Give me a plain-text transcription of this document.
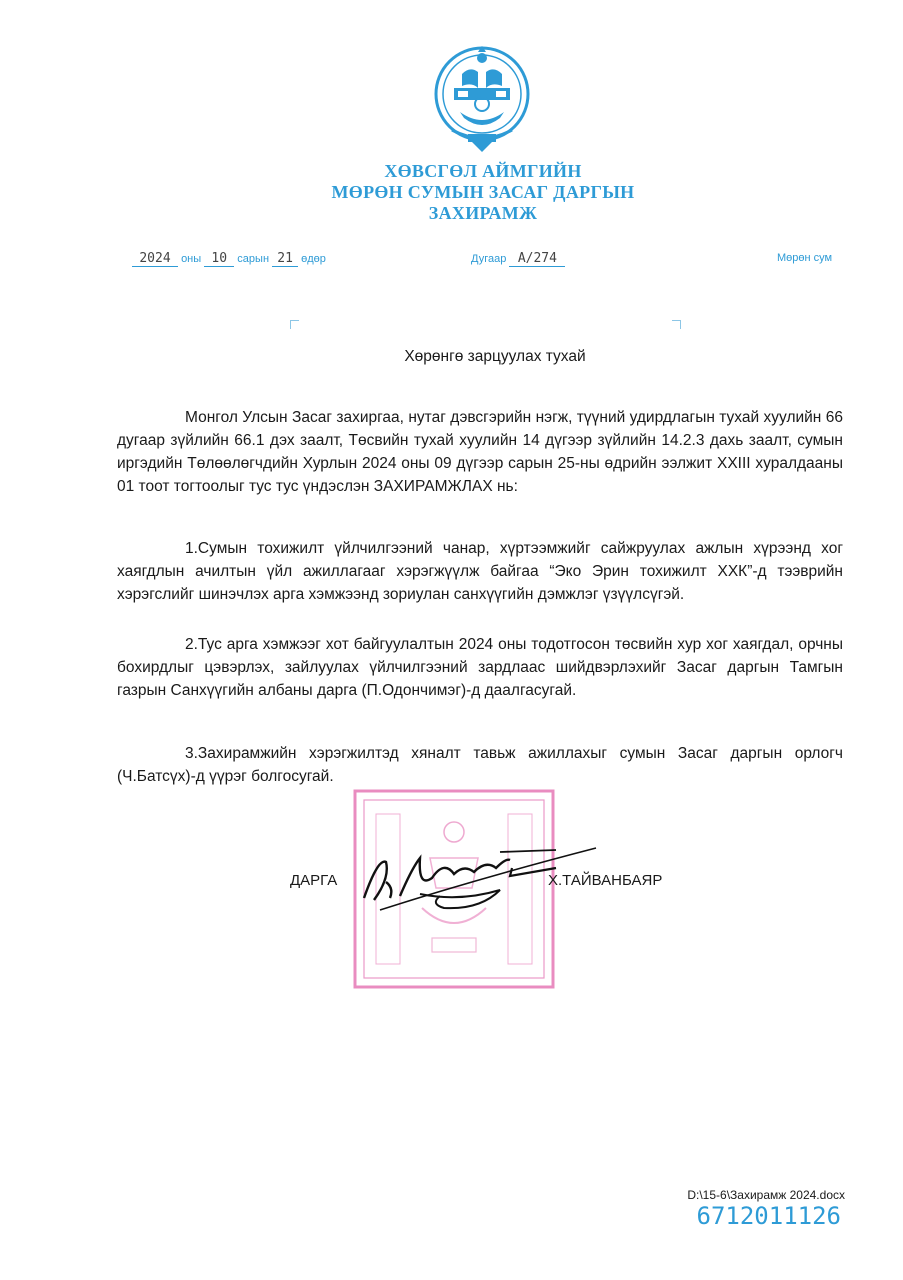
ХӨВСГӨЛ АЙМГИЙН
МӨРӨН СУМЫН ЗАСАГ ДАРГЫН
ЗАХИРАМЖ
2024 оны 10 сарын 21 өдөр	Дугаар А/274	Мөрөн сум
Хөрөнгө зарцуулах тухай

Монгол Улсын Засаг захиргаа, нутаг дэвсгэрийн нэгж, түүний удирдлагын тухай хуулийн 66 дугаар зүйлийн 66.1 дэх заалт, Төсвийн тухай хуулийн 14 дүгээр зүйлийн 14.2.3 дахь заалт, сумын иргэдийн Төлөөлөгчдийн Хурлын 2024 оны 09 дүгээр сарын 25-ны өдрийн ээлжит XXIII хуралдааны 01 тоот тогтоолыг тус тус үндэслэн ЗАХИРАМЖЛАХ нь:

1.Сумын тохижилт үйлчилгээний чанар, хүртээмжийг сайжруулах ажлын хүрээнд хог хаягдлын ачилтын үйл ажиллагааг хэрэгжүүлж байгаа “Эко Эрин тохижилт ХХК”-д тээврийн хэрэгслийг шинэчлэх арга хэмжээнд зориулан санхүүгийн дэмжлэг үзүүлсүгэй.

2.Тус арга хэмжээг хот байгуулалтын 2024 оны тодотгосон төсвийн хур хог хаягдал, орчны бохирдлыг цэвэрлэх, зайлуулах үйлчилгээний зардлаас шийдвэрлэхийг Засаг даргын Тамгын газрын Санхүүгийн албаны дарга (П.Одончимэг)-д даалгасугай.

3.Захирамжийн хэрэгжилтэд хяналт тавьж ажиллахыг сумын Засаг даргын орлогч (Ч.Батсүх)-д үүрэг болгосугай.

ДАРГА	Х.ТАЙВАНБАЯР
D:\15-6\Захирамж 2024.docx
6712011126
